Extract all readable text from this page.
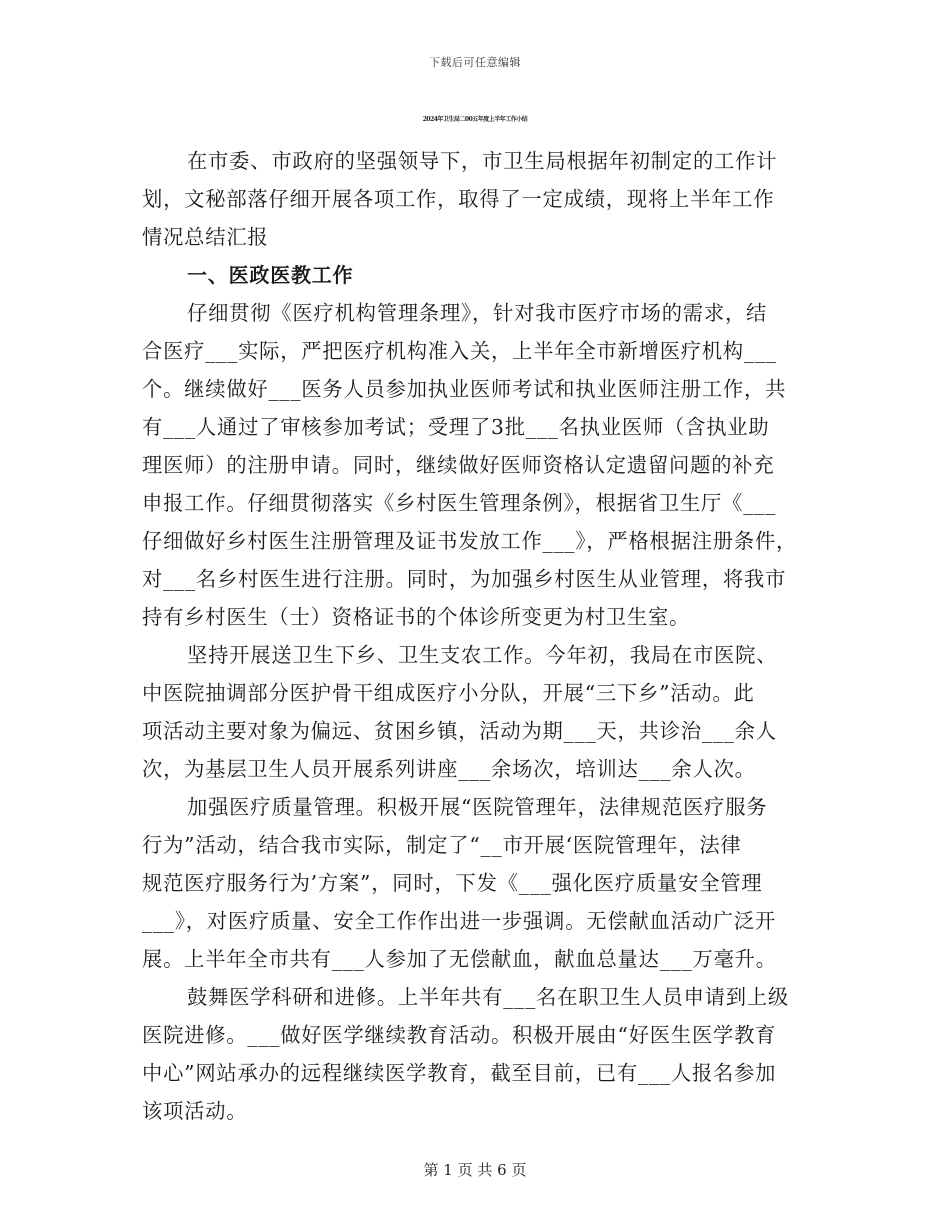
下载后可任意编辑
2024年卫生局二00五年度上半年工作小结
在市委、市政府的坚强领导下，市卫生局根据年初制定的工作计
划，文秘部落仔细开展各项工作，取得了一定成绩，现将上半年工作
情况总结汇报
一、医政医教工作
仔细贯彻《医疗机构管理条理》，针对我市医疗市场的需求，结
合医疗___实际，严把医疗机构准入关，上半年全市新增医疗机构___
个。继续做好___医务人员参加执业医师考试和执业医师注册工作，共
有___人通过了审核参加考试；受理了3批___名执业医师（含执业助
理医师）的注册申请。同时，继续做好医师资格认定遗留问题的补充
申报工作。仔细贯彻落实《乡村医生管理条例》，根据省卫生厅《___
仔细做好乡村医生注册管理及证书发放工作___》，严格根据注册条件，
对___名乡村医生进行注册。同时，为加强乡村医生从业管理，将我市
持有乡村医生（士）资格证书的个体诊所变更为村卫生室。
坚持开展送卫生下乡、卫生支农工作。今年初，我局在市医院、
中医院抽调部分医护骨干组成医疗小分队，开展“三下乡”活动。此
项活动主要对象为偏远、贫困乡镇，活动为期___天，共诊治___余人
次，为基层卫生人员开展系列讲座___余场次，培训达___余人次。
加强医疗质量管理。积极开展“医院管理年，法律规范医疗服务
行为”活动，结合我市实际，制定了“__市开展‘医院管理年，法律
规范医疗服务行为’方案”，同时，下发《___强化医疗质量安全管理
___》，对医疗质量、安全工作作出进一步强调。无偿献血活动广泛开
展。上半年全市共有___人参加了无偿献血，献血总量达___万毫升。
鼓舞医学科研和进修。上半年共有___名在职卫生人员申请到上级
医院进修。___做好医学继续教育活动。积极开展由“好医生医学教育
中心”网站承办的远程继续医学教育，截至目前，已有___人报名参加
该项活动。
第 1 页 共 6 页
